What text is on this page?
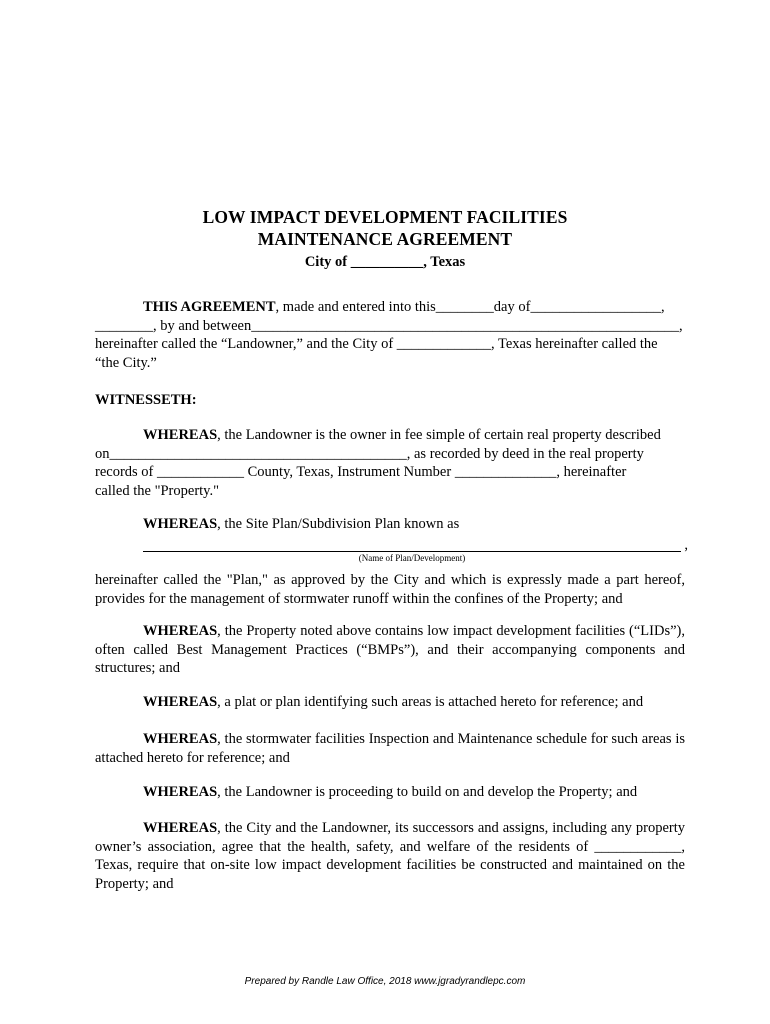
LOW IMPACT DEVELOPMENT FACILITIES
MAINTENANCE AGREEMENT
City of __________, Texas
THIS AGREEMENT, made and entered into this________day of__________________,
________, by and between___________________________________________________________,
hereinafter called the “Landowner,” and the City of _____________, Texas hereinafter called the
“the City.”
WITNESSETH:
WHEREAS, the Landowner is the owner in fee simple of certain real property described
on_________________________________________, as recorded by deed in the real property
records of ____________ County, Texas, Instrument Number ______________, hereinafter
called the "Property."
WHEREAS, the Site Plan/Subdivision Plan known as
,
(Name of Plan/Development)
hereinafter called the "Plan," as approved by the City and which is expressly made a part hereof, provides for the management of stormwater runoff within the confines of the Property; and
WHEREAS, the Property noted above contains low impact development facilities (“LIDs”), often called Best Management Practices (“BMPs”), and their accompanying components and structures; and
WHEREAS, a plat or plan identifying such areas is attached hereto for reference; and
WHEREAS, the stormwater facilities Inspection and Maintenance schedule for such areas is attached hereto for reference; and
WHEREAS, the Landowner is proceeding to build on and develop the Property; and
WHEREAS, the City and the Landowner, its successors and assigns, including any property owner’s association, agree that the health, safety, and welfare of the residents of ____________, Texas, require that on-site low impact development facilities be constructed and maintained on the Property; and
Prepared by Randle Law Office, 2018 www.jgradyrandlepc.com
